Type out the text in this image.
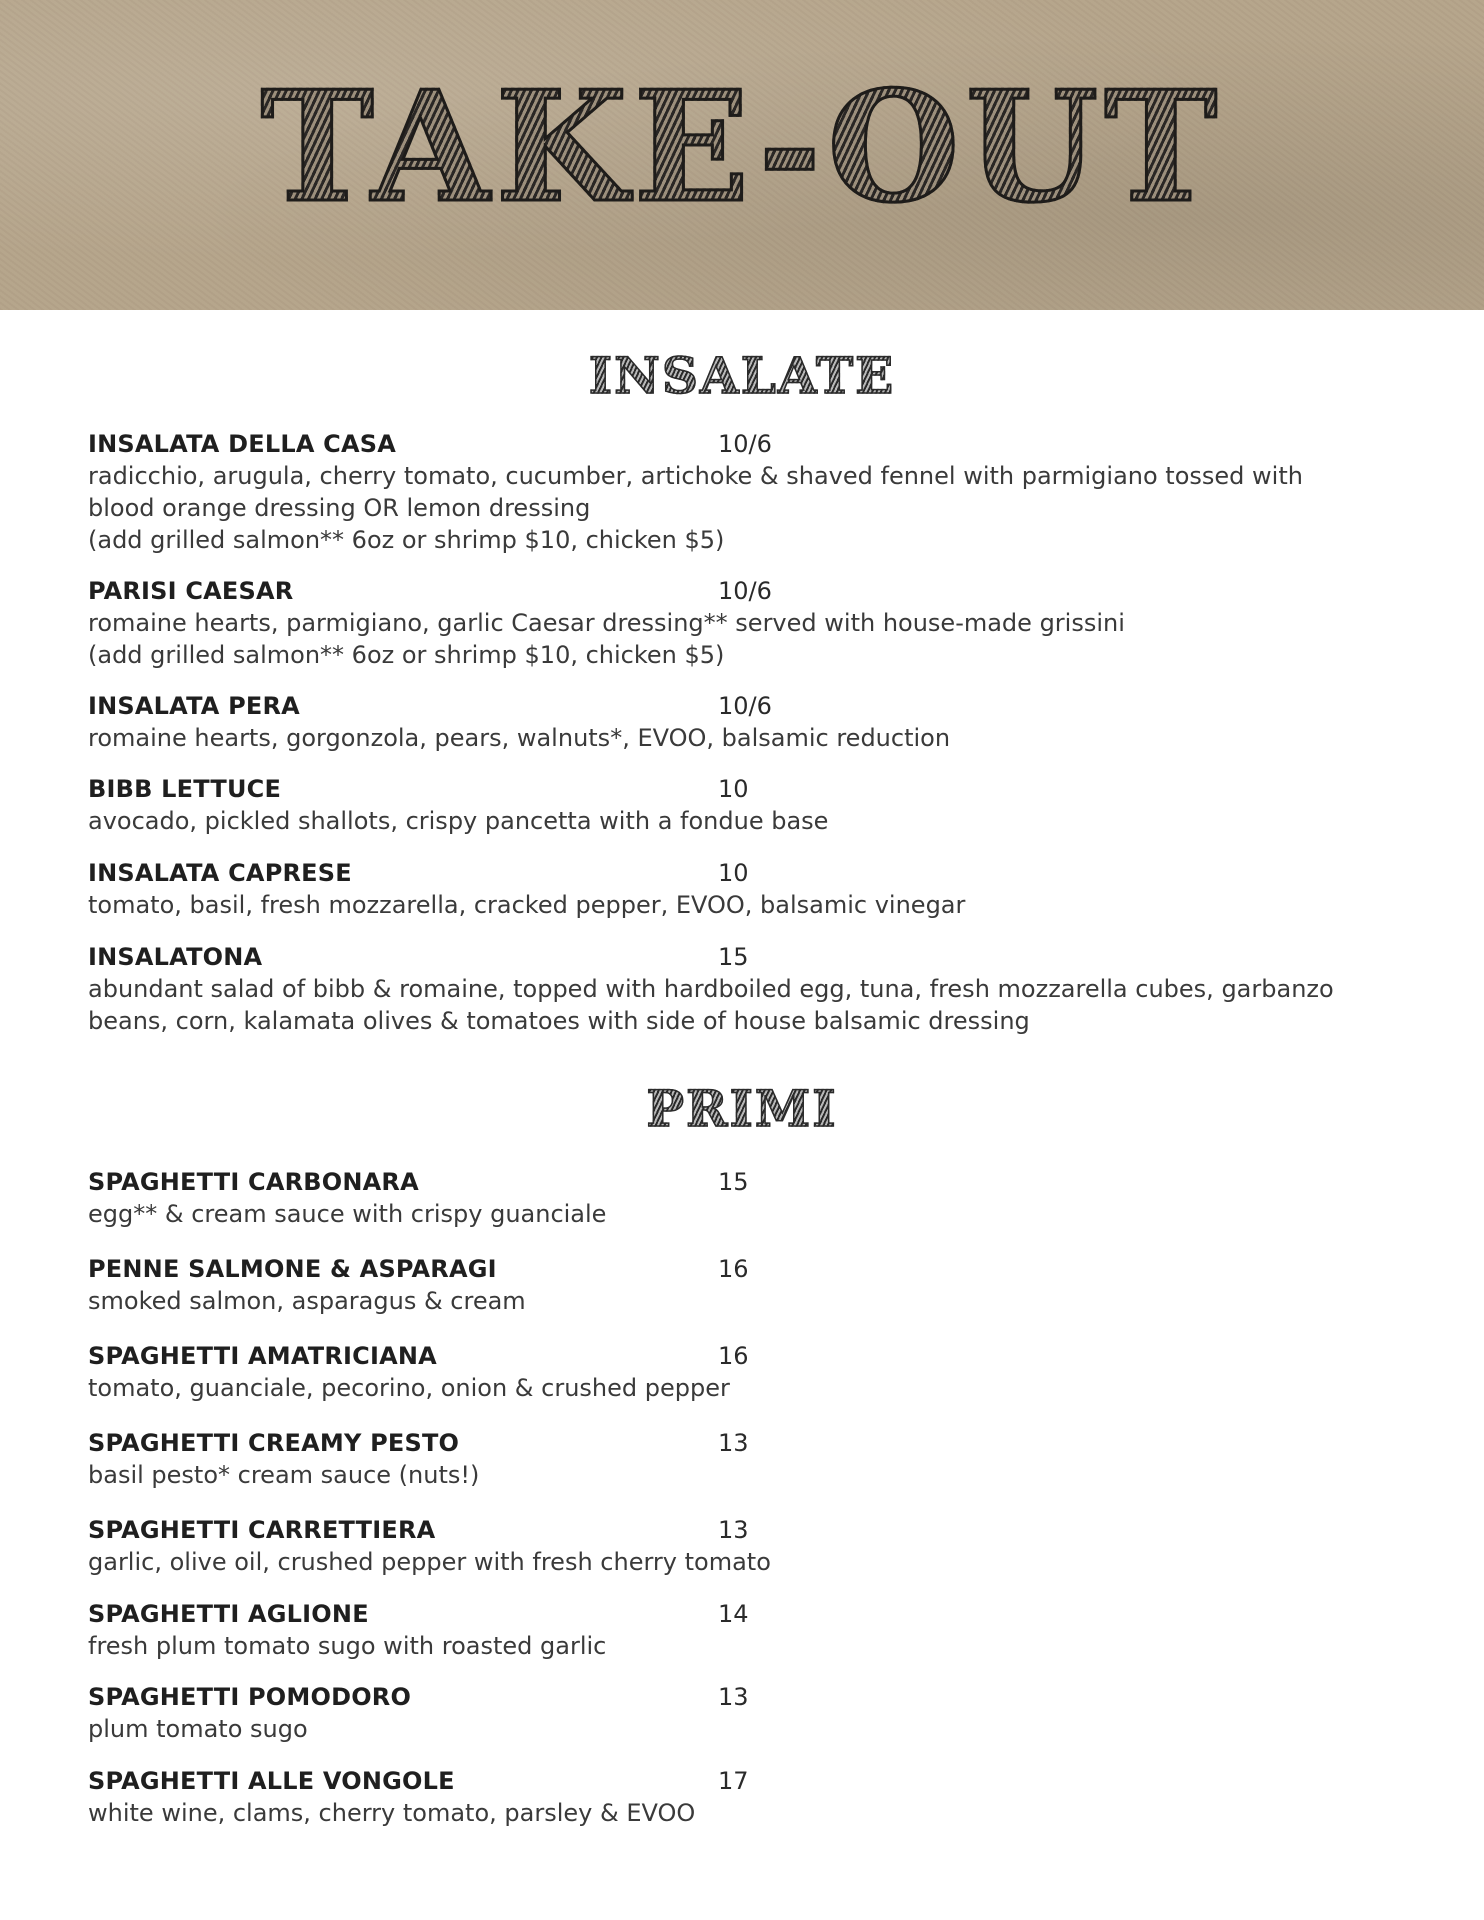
TAKE-OUT
INSALATE
INSALATA DELLA CASA	10/6
radicchio, arugula, cherry tomato, cucumber, artichoke & shaved fennel with parmigiano tossed with
blood orange dressing OR lemon dressing
(add grilled salmon** 6oz or shrimp $10, chicken $5)
PARISI CAESAR	10/6
romaine hearts, parmigiano, garlic Caesar dressing** served with house-made grissini
(add grilled salmon** 6oz or shrimp $10, chicken $5)
INSALATA PERA	10/6
romaine hearts, gorgonzola, pears, walnuts*, EVOO, balsamic reduction
BIBB LETTUCE	10
avocado, pickled shallots, crispy pancetta with a fondue base
INSALATA CAPRESE	10
tomato, basil, fresh mozzarella, cracked pepper, EVOO, balsamic vinegar
INSALATONA	15
abundant salad of bibb & romaine, topped with hardboiled egg, tuna, fresh mozzarella cubes, garbanzo
beans, corn, kalamata olives & tomatoes with side of house balsamic dressing
PRIMI
SPAGHETTI CARBONARA	15
egg** & cream sauce with crispy guanciale
PENNE SALMONE & ASPARAGI	16
smoked salmon, asparagus & cream
SPAGHETTI AMATRICIANA	16
tomato, guanciale, pecorino, onion & crushed pepper
SPAGHETTI CREAMY PESTO	13
basil pesto* cream sauce (nuts!)
SPAGHETTI CARRETTIERA	13
garlic, olive oil, crushed pepper with fresh cherry tomato
SPAGHETTI AGLIONE	14
fresh plum tomato sugo with roasted garlic
SPAGHETTI POMODORO	13
plum tomato sugo
SPAGHETTI ALLE VONGOLE	17
white wine, clams, cherry tomato, parsley & EVOO
